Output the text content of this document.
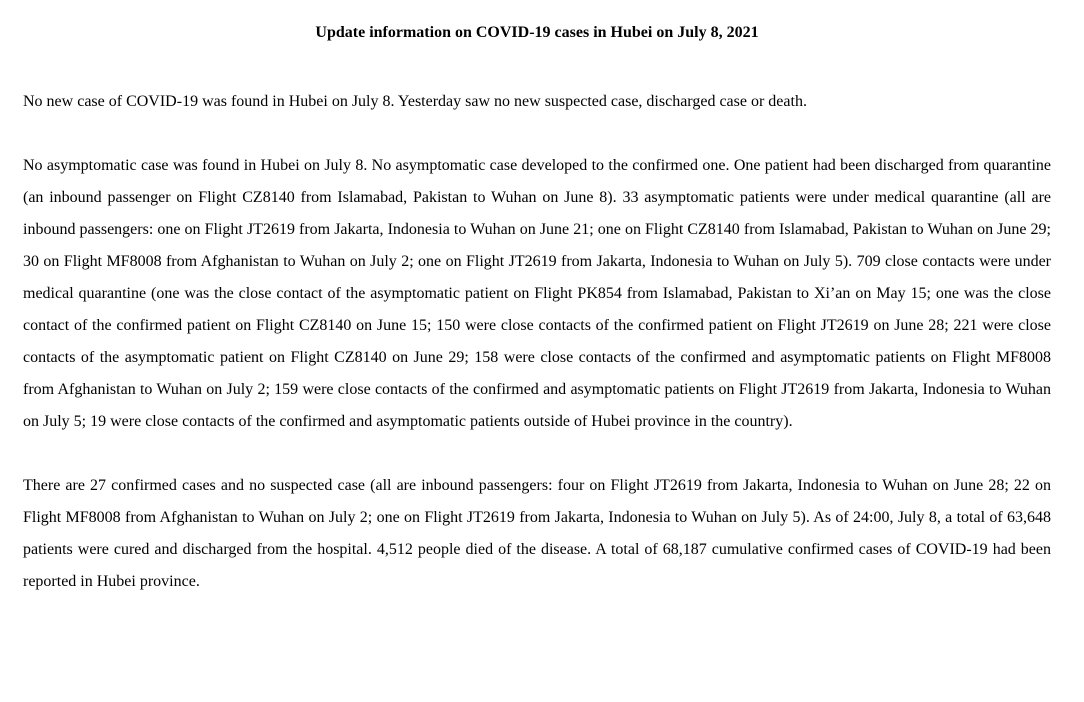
Update information on COVID-19 cases in Hubei on July 8, 2021

No new case of COVID-19 was found in Hubei on July 8. Yesterday saw no new suspected case, discharged case or death.

No asymptomatic case was found in Hubei on July 8. No asymptomatic case developed to the confirmed one. One patient had been discharged from quarantine (an inbound passenger on Flight CZ8140 from Islamabad, Pakistan to Wuhan on June 8). 33 asymptomatic patients were under medical quarantine (all are inbound passengers: one on Flight JT2619 from Jakarta, Indonesia to Wuhan on June 21; one on Flight CZ8140 from Islamabad, Pakistan to Wuhan on June 29; 30 on Flight MF8008 from Afghanistan to Wuhan on July 2; one on Flight JT2619 from Jakarta, Indonesia to Wuhan on July 5). 709 close contacts were under medical quarantine (one was the close contact of the asymptomatic patient on Flight PK854 from Islamabad, Pakistan to Xi’an on May 15; one was the close contact of the confirmed patient on Flight CZ8140 on June 15; 150 were close contacts of the confirmed patient on Flight JT2619 on June 28; 221 were close contacts of the asymptomatic patient on Flight CZ8140 on June 29; 158 were close contacts of the confirmed and asymptomatic patients on Flight MF8008 from Afghanistan to Wuhan on July 2; 159 were close contacts of the confirmed and asymptomatic patients on Flight JT2619 from Jakarta, Indonesia to Wuhan on July 5; 19 were close contacts of the confirmed and asymptomatic patients outside of Hubei province in the country).

There are 27 confirmed cases and no suspected case (all are inbound passengers: four on Flight JT2619 from Jakarta, Indonesia to Wuhan on June 28; 22 on Flight MF8008 from Afghanistan to Wuhan on July 2; one on Flight JT2619 from Jakarta, Indonesia to Wuhan on July 5). As of 24:00, July 8, a total of 63,648 patients were cured and discharged from the hospital. 4,512 people died of the disease. A total of 68,187 cumulative confirmed cases of COVID-19 had been reported in Hubei province.
